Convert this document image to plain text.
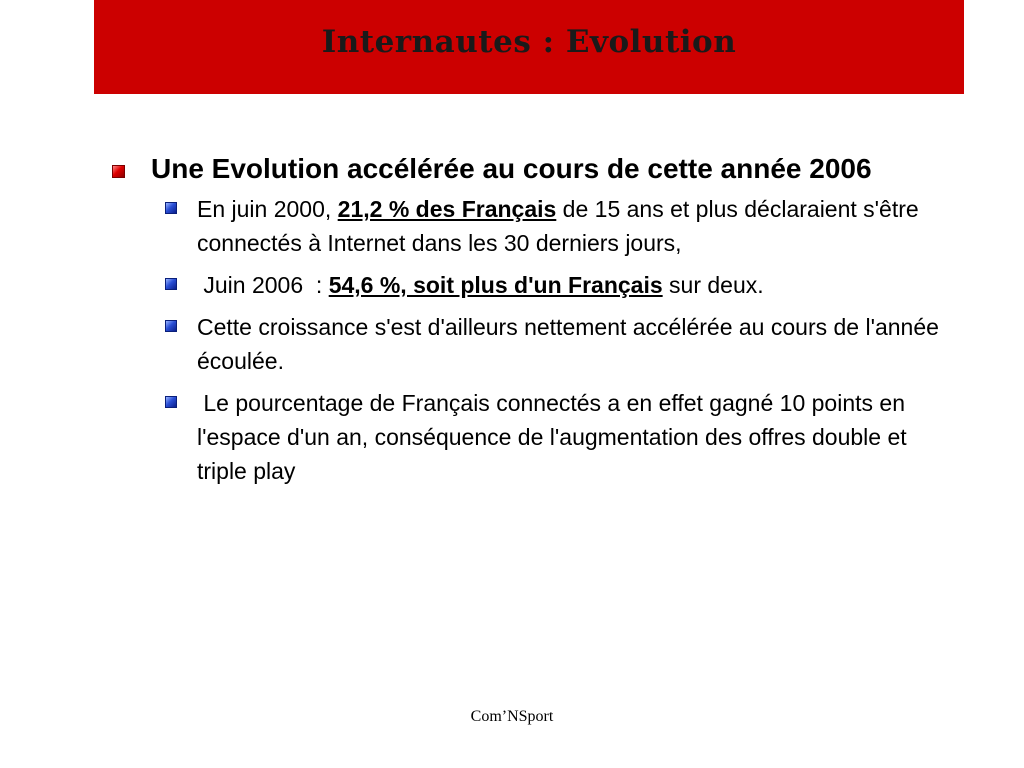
Internautes : Evolution
Une Evolution accélérée au cours de cette année 2006
En juin 2000, 21,2 % des Français de 15 ans et plus déclaraient s'être connectés à Internet dans les 30 derniers jours,
Juin 2006  : 54,6 %, soit plus d'un Français sur deux.
Cette croissance s'est d'ailleurs nettement accélérée au cours de l'année écoulée.
Le pourcentage de Français connectés a en effet gagné 10 points en l'espace d'un an, conséquence de l'augmentation des offres double et triple play
Com’NSport
